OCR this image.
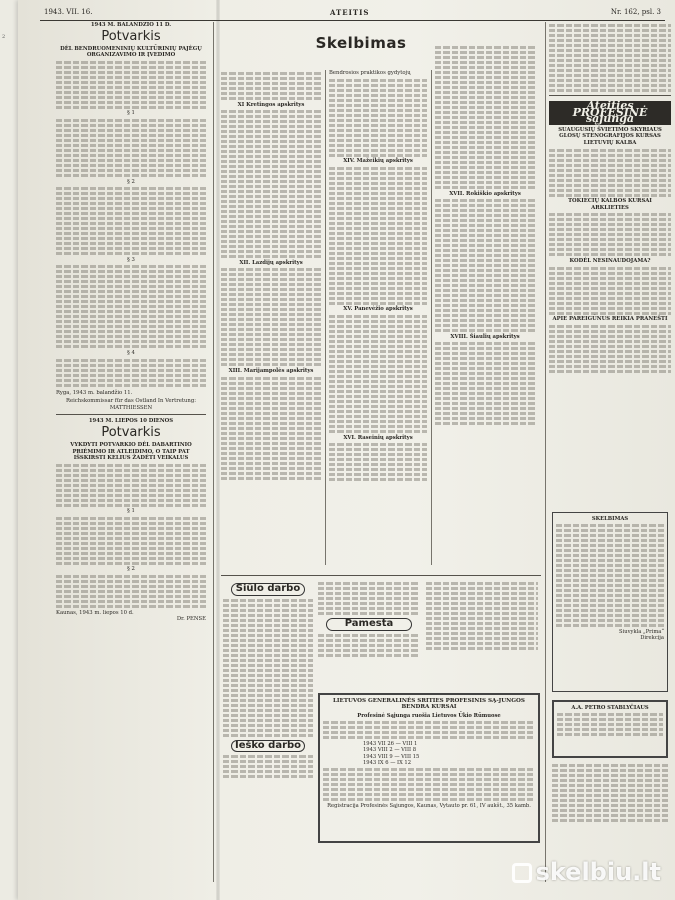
1943. VII. 16.	ATEITIS	Nr. 162, psl. 3
1943 M. BALANDŽIO 11 D.
Potvarkis
DĖL BENDRUOMENINIŲ KULTŪRINIŲ PAJĖGŲ ORGANIZAVIMO IR ĮVEDIMO
§ 1
§ 2
§ 3
§ 4
Ryga, 1943 m. balandžio 11.
Reichskommissar für das Ostland In Vertretung: MATTHIESSEN
1943 M. LIEPOS 10 DIENOS
Potvarkis
VYKDYTI POTVARKIO DĖL DABARTINIO PRIĖMIMO IR ATLEIDIMO, O TAIP PAT IŠSKIRSTI KELIUS ŽADĖTI VEIKALUS
§ 1
§ 2
Kaunas, 1943 m. liepos 10 d.
Dr. PENSE
Skelbimas
XI Kretingos apskritys
XII. Lazdijų apskritys
XIII. Marijampolės apskritys
Bendrosios praktikos gydytojų
XIV. Mažeikių apskritys
XV. Panevėžio apskritys
XVI. Raseinių apskritys
XVII. Rokiškio apskritys
XVIII. Šiaulių apskritys
Ateities PROFESINĖ sąjunga
SUAUGUSIŲ ŠVIETIMO SKYRIAUS GLOSŲ STENOGRAFIJOS KURSAS LIETUVIŲ KALBA
TOKIECIŲ KALBOS KURSAI ARKLIETIES
KODĖL NESINAUDOJAMA?
APIE PAREIGŪNUS REIKIA PRANEŠTI
SKELBIMAS
Siuvykla „Prima“
Direkcija
A.A. PETRO STABLYČIAUS
Siūlo darbo
Ieško darbo
Pamesta
LIETUVOS GENERALINĖS SRITIES PROFESINIS SĄ-JUNGOS BENDRA KURSAI
Profesinė Sąjunga ruošia Lietuvos Ūkio Rūmuose
1943 VII 26 — VIII 1
1943 VIII 2 — VIII 8
1943 VIII 9 — VIII 15
1943 IX 6 — IX 12
Registracija Profesinės Sąjungos, Kaunas, Vytauto pr. 61, IV aukšt., 35 kamb.
2
skelbiu.lt
